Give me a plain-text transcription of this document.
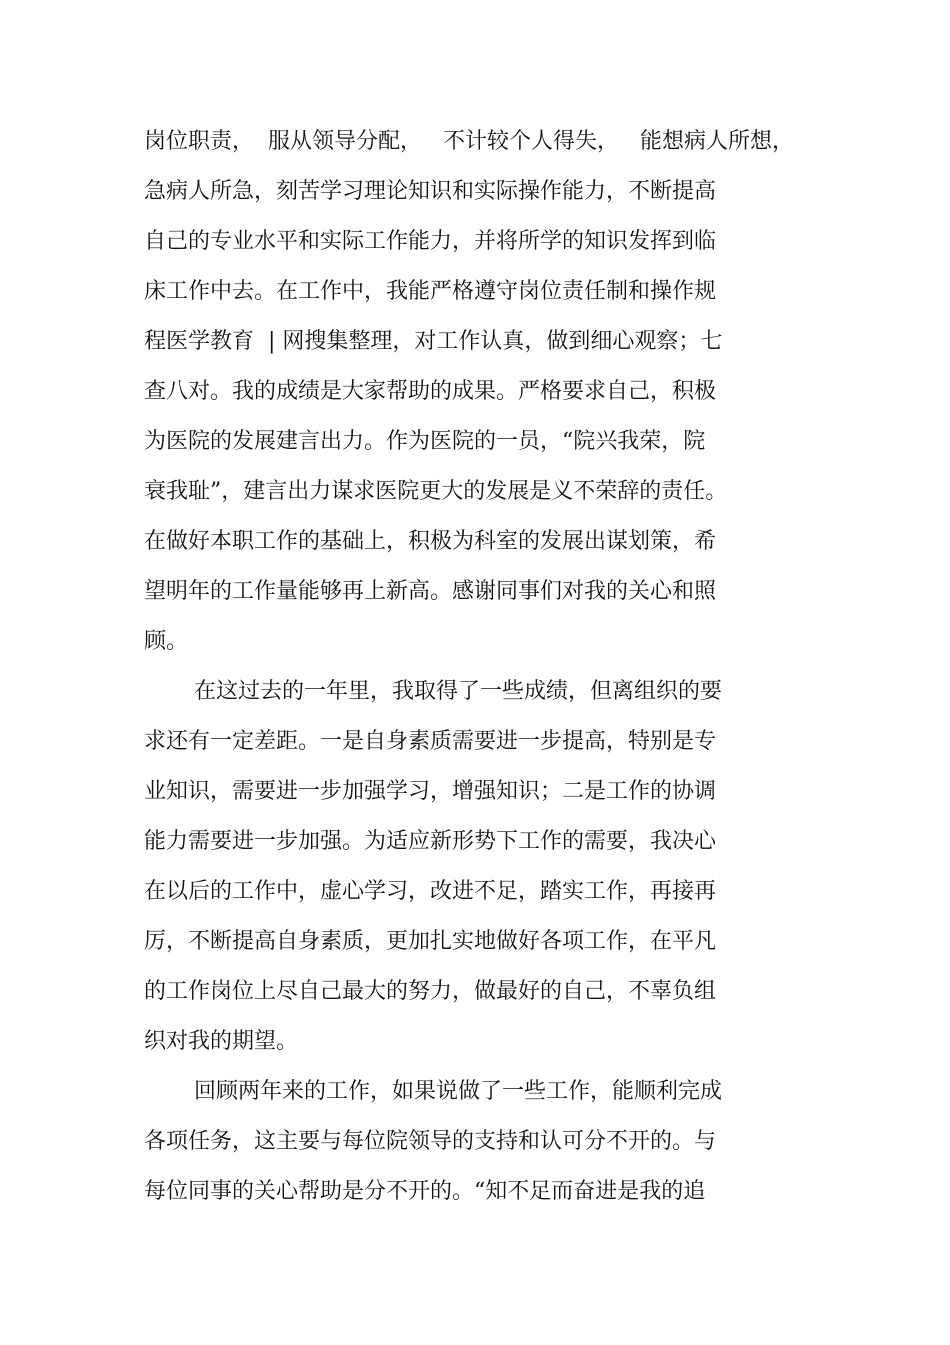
岗位职责，  服从领导分配，   不计较个人得失，   能想病人所想，
急病人所急，刻苦学习理论知识和实际操作能力，不断提高
自己的专业水平和实际工作能力，并将所学的知识发挥到临
床工作中去。在工作中，我能严格遵守岗位责任制和操作规
程医学教育  | 网搜集整理，对工作认真，做到细心观察；七
查八对。我的成绩是大家帮助的成果。严格要求自己，积极
为医院的发展建言出力。作为医院的一员，“院兴我荣，院
衰我耻”，建言出力谋求医院更大的发展是义不荣辞的责任。
在做好本职工作的基础上，积极为科室的发展出谋划策，希
望明年的工作量能够再上新高。感谢同事们对我的关心和照
顾。
在这过去的一年里，我取得了一些成绩，但离组织的要
求还有一定差距。一是自身素质需要进一步提高，特别是专
业知识，需要进一步加强学习，增强知识；二是工作的协调
能力需要进一步加强。为适应新形势下工作的需要，我决心
在以后的工作中，虚心学习，改进不足，踏实工作，再接再
厉，不断提高自身素质，更加扎实地做好各项工作，在平凡
的工作岗位上尽自己最大的努力，做最好的自己，不辜负组
织对我的期望。
回顾两年来的工作，如果说做了一些工作，能顺利完成
各项任务，这主要与每位院领导的支持和认可分不开的。与
每位同事的关心帮助是分不开的。“知不足而奋进是我的追
